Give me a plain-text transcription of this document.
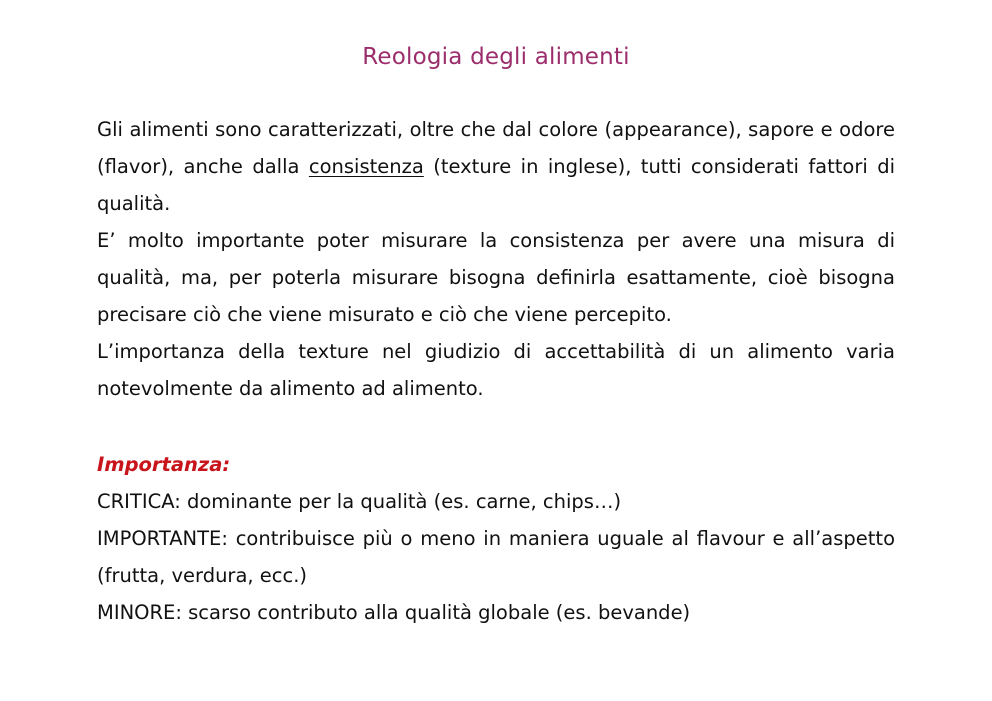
Reologia degli alimenti

Gli alimenti sono caratterizzati, oltre che dal colore (appearance), sapore e odore (flavor), anche dalla consistenza (texture in inglese), tutti considerati fattori di qualità.

E’ molto importante poter misurare la consistenza per avere una misura di qualità, ma, per poterla misurare bisogna definirla esattamente, cioè bisogna precisare ciò che viene misurato e ciò che viene percepito.

L’importanza della texture nel giudizio di accettabilità di un alimento varia notevolmente da alimento ad alimento.

Importanza:

CRITICA: dominante per la qualità (es. carne, chips…)

IMPORTANTE: contribuisce più o meno in maniera uguale al flavour e all’aspetto (frutta, verdura, ecc.)

MINORE: scarso contributo alla qualità globale (es. bevande)
